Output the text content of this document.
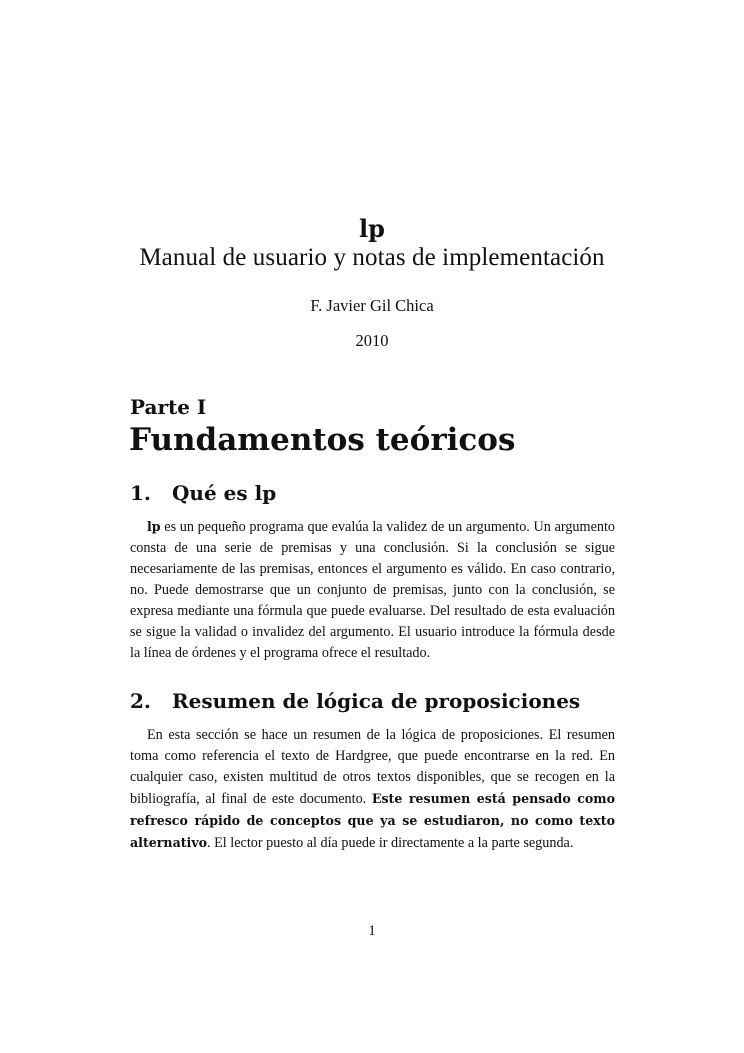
lp
Manual de usuario y notas de implementación
F. Javier Gil Chica
2010
Parte I
Fundamentos teóricos
1. Qué es lp
lp es un pequeño programa que evalúa la validez de un argumento. Un argumento consta de una serie de premisas y una conclusión. Si la conclusión se sigue necesariamente de las premisas, entonces el argumento es válido. En caso contrario, no. Puede demostrarse que un conjunto de premisas, junto con la conclusión, se expresa mediante una fórmula que puede evaluarse. Del resultado de esta evaluación se sigue la validad o invalidez del argumento. El usuario introduce la fórmula desde la línea de órdenes y el programa ofrece el resultado.
2. Resumen de lógica de proposiciones
En esta sección se hace un resumen de la lógica de proposiciones. El resumen toma como referencia el texto de Hardgree, que puede encontrarse en la red. En cualquier caso, existen multitud de otros textos disponibles, que se recogen en la bibliografía, al final de este documento. Este resumen está pensado como refresco rápido de conceptos que ya se estudiaron, no como texto alternativo. El lector puesto al día puede ir directamente a la parte segunda.
1
